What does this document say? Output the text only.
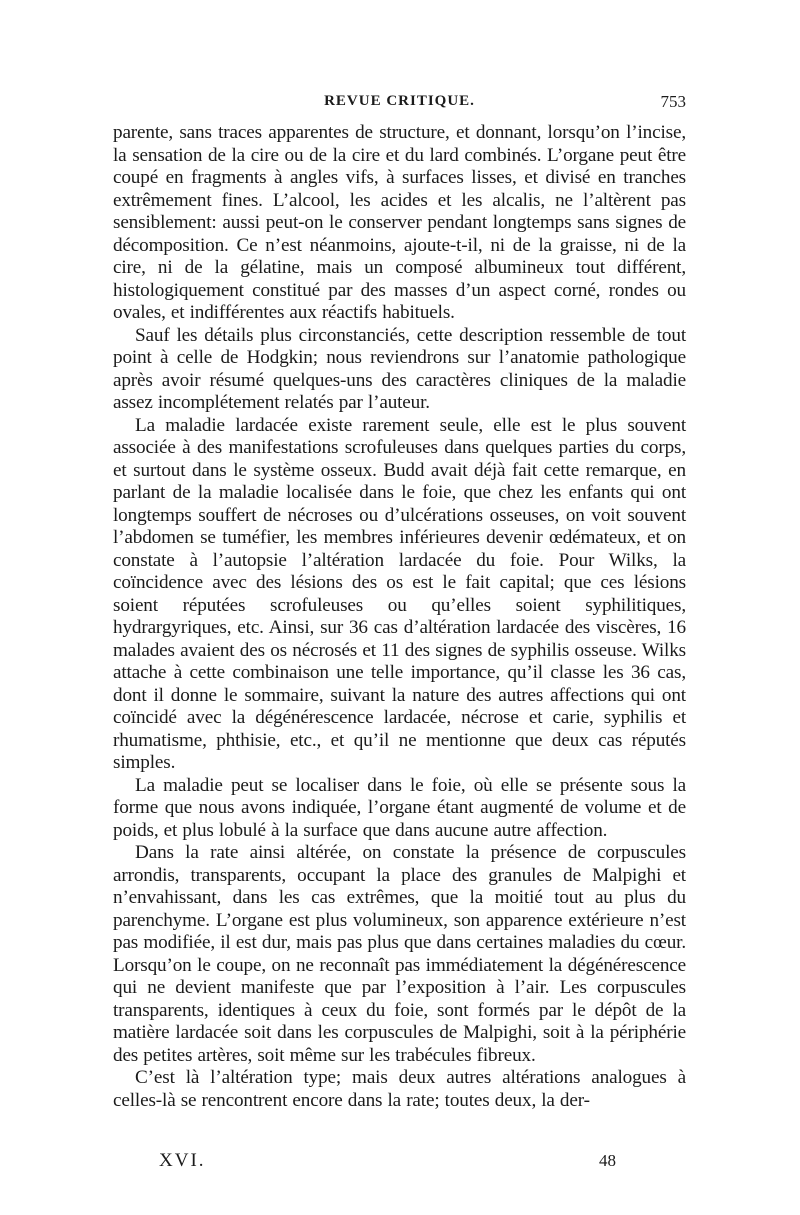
REVUE CRITIQUE.	753

parente, sans traces apparentes de structure, et donnant, lorsqu’on l’incise, la sensation de la cire ou de la cire et du lard combinés. L’organe peut être coupé en fragments à angles vifs, à surfaces lisses, et divisé en tranches extrêmement fines. L’alcool, les acides et les alcalis, ne l’altèrent pas sensiblement: aussi peut-on le conserver pendant longtemps sans signes de décomposition. Ce n’est néanmoins, ajoute-t-il, ni de la graisse, ni de la cire, ni de la gélatine, mais un composé albumineux tout différent, histologiquement constitué par des masses d’un aspect corné, rondes ou ovales, et indifférentes aux réactifs habituels.

Sauf les détails plus circonstanciés, cette description ressemble de tout point à celle de Hodgkin; nous reviendrons sur l’anatomie pathologique après avoir résumé quelques-uns des caractères cliniques de la maladie assez incomplétement relatés par l’auteur.

La maladie lardacée existe rarement seule, elle est le plus souvent associée à des manifestations scrofuleuses dans quelques parties du corps, et surtout dans le système osseux. Budd avait déjà fait cette remarque, en parlant de la maladie localisée dans le foie, que chez les enfants qui ont longtemps souffert de nécroses ou d’ulcérations osseuses, on voit souvent l’abdomen se tuméfier, les membres inférieures devenir œdémateux, et on constate à l’autopsie l’altération lardacée du foie. Pour Wilks, la coïncidence avec des lésions des os est le fait capital; que ces lésions soient réputées scrofuleuses ou qu’elles soient syphilitiques, hydrargyriques, etc. Ainsi, sur 36 cas d’altération lardacée des viscères, 16 malades avaient des os nécrosés et 11 des signes de syphilis osseuse. Wilks attache à cette combinaison une telle importance, qu’il classe les 36 cas, dont il donne le sommaire, suivant la nature des autres affections qui ont coïncidé avec la dégénérescence lardacée, nécrose et carie, syphilis et rhumatisme, phthisie, etc., et qu’il ne mentionne que deux cas réputés simples.

La maladie peut se localiser dans le foie, où elle se présente sous la forme que nous avons indiquée, l’organe étant augmenté de volume et de poids, et plus lobulé à la surface que dans aucune autre affection.

Dans la rate ainsi altérée, on constate la présence de corpuscules arrondis, transparents, occupant la place des granules de Malpighi et n’envahissant, dans les cas extrêmes, que la moitié tout au plus du parenchyme. L’organe est plus volumineux, son apparence extérieure n’est pas modifiée, il est dur, mais pas plus que dans certaines maladies du cœur. Lorsqu’on le coupe, on ne reconnaît pas immédiatement la dégénérescence qui ne devient manifeste que par l’exposition à l’air. Les corpuscules transparents, identiques à ceux du foie, sont formés par le dépôt de la matière lardacée soit dans les corpuscules de Malpighi, soit à la périphérie des petites artères, soit même sur les trabécules fibreux.

C’est là l’altération type; mais deux autres altérations analogues à celles-là se rencontrent encore dans la rate; toutes deux, la der-

XVI.	48
